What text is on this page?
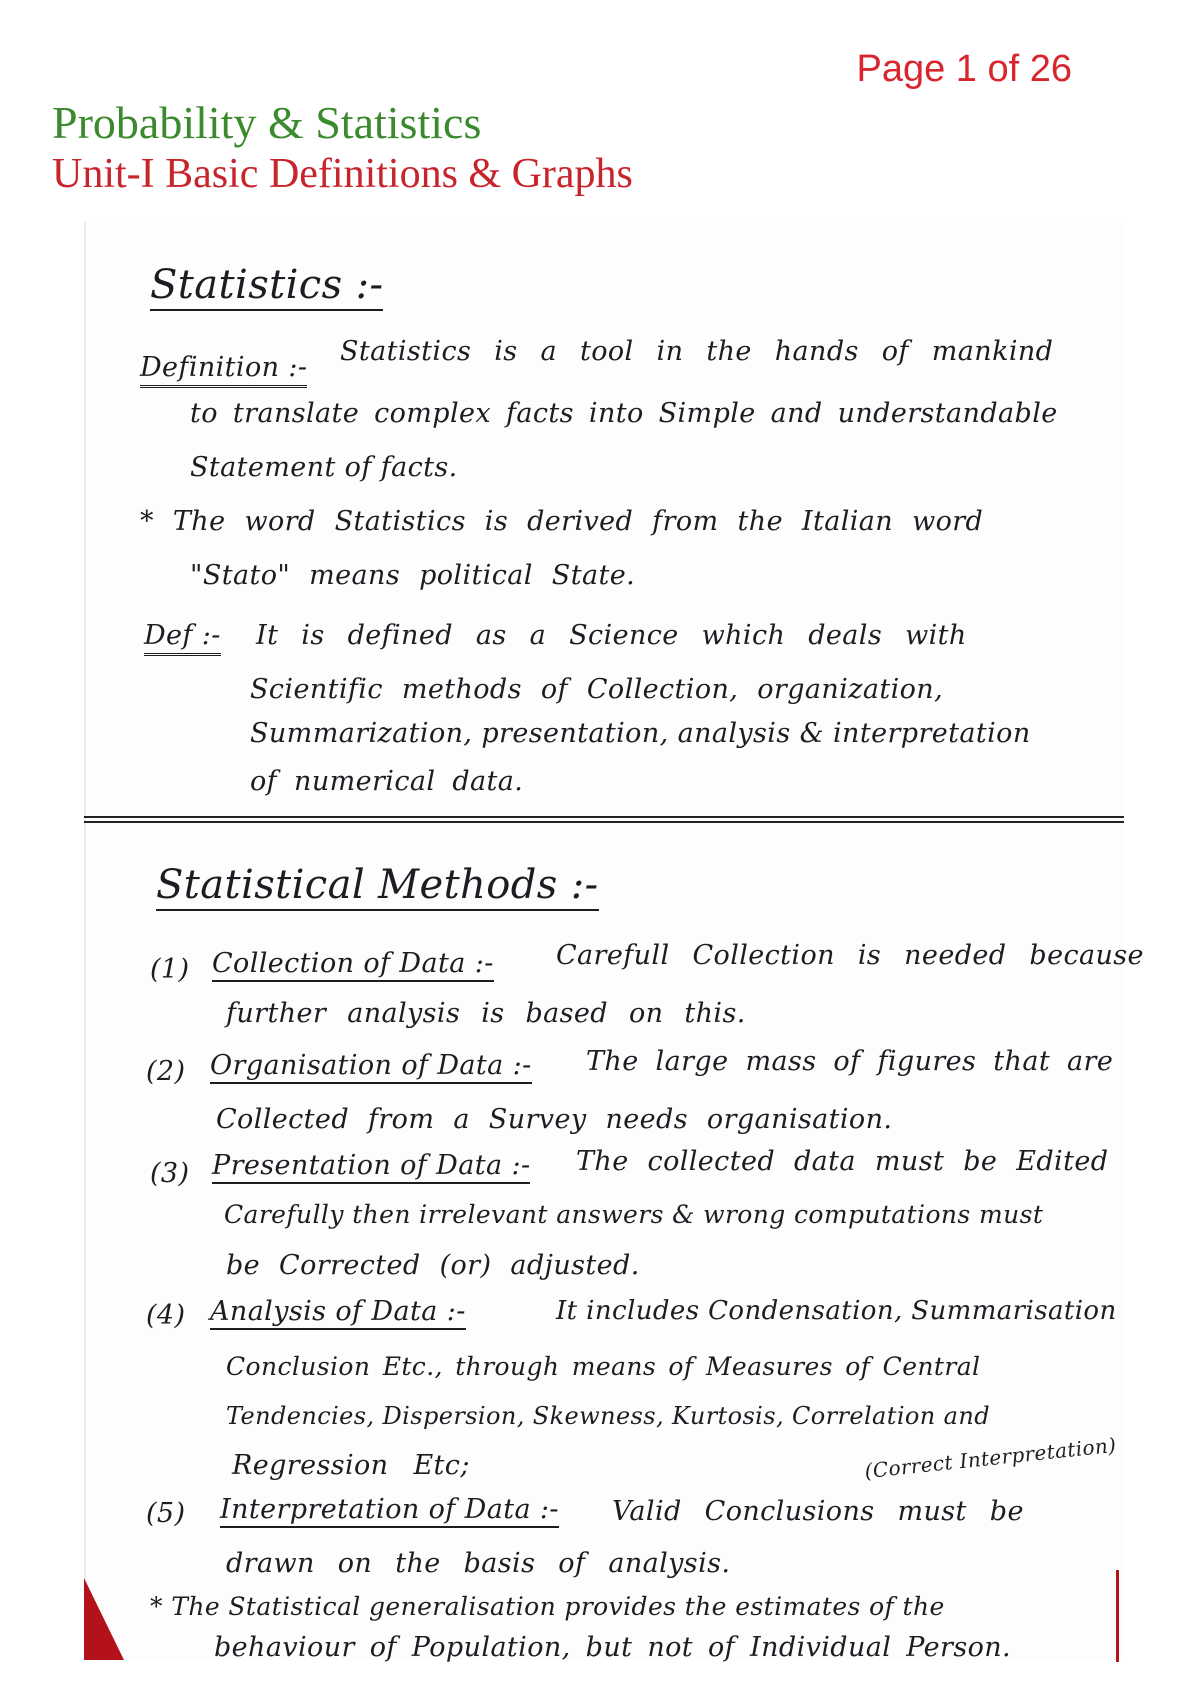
Page 1 of 26
Probability & Statistics
Unit-I Basic Definitions & Graphs
Statistics :-
Definition :-
Statistics is a tool in the hands of mankind
to translate complex facts into Simple and understandable
Statement of facts.
* The word Statistics is derived from the Italian word
"Stato" means political State.
Def :- It is defined as a Science which deals with
Scientific methods of Collection, organization,
Summarization, presentation, analysis & interpretation
of numerical data.
Statistical Methods :-
(1) Collection of Data :- Carefull Collection is needed because
further analysis is based on this.
(2) Organisation of Data :- The large mass of figures that are
Collected from a Survey needs organisation.
(3) Presentation of Data :- The collected data must be Edited
Carefully then irrelevant answers & wrong computations must
be Corrected (or) adjusted.
(4) Analysis of Data :-	It includes Condensation, Summarisation
Conclusion Etc., through means of Measures of Central
Tendencies, Dispersion, Skewness, Kurtosis, Correlation and
Regression Etc;
(5) Interpretation of Data :-
(Correct Interpretation)
Valid Conclusions must be
drawn on the basis of analysis.
* The Statistical generalisation provides the estimates of the
behaviour of Population, but not of Individual Person.
